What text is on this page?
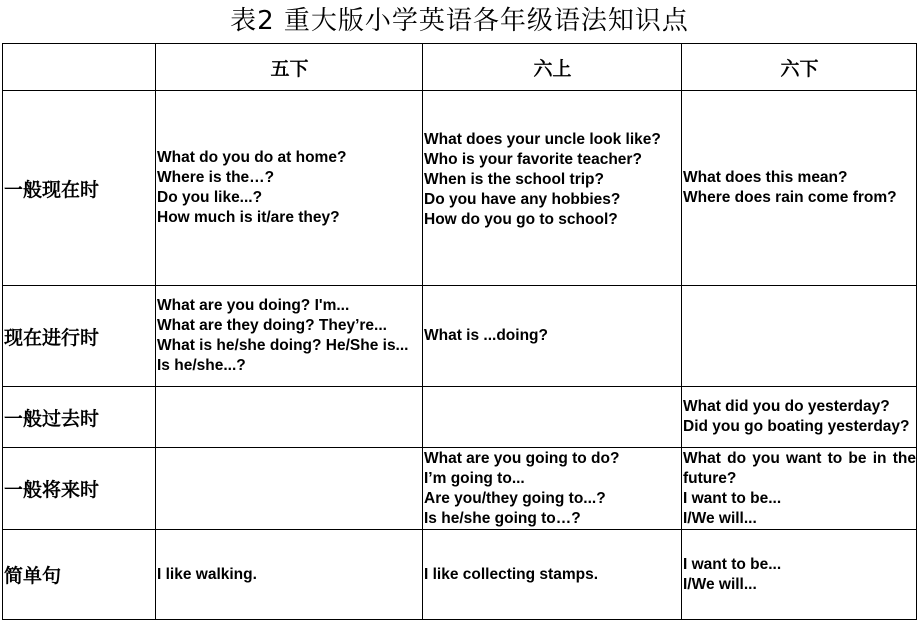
表2 重大版小学英语各年级语法知识点
	五下	六上	六下
一般现在时	What do you do at home?
Where is the…?
Do you like...?
How much is it/are they?	What does your uncle look like?
Who is your favorite teacher?
When is the school trip?
Do you have any hobbies?
How do you go to school?	What does this mean?
Where does rain come from?

现在进行时	What are you doing? I'm...
What are they doing? They’re...
What is he/she doing? He/She is...
Is he/she...?	What is ...doing?	

一般过去时			What did you do yesterday?
Did you go boating yesterday?

一般将来时		What are you going to do?
I’m going to...
Are you/they going to...?
Is he/she going to…?	What do you want to be in the future?
I want to be...
I/We will...

简单句	I like walking.	I like collecting stamps.	I want to be...
I/We will...
